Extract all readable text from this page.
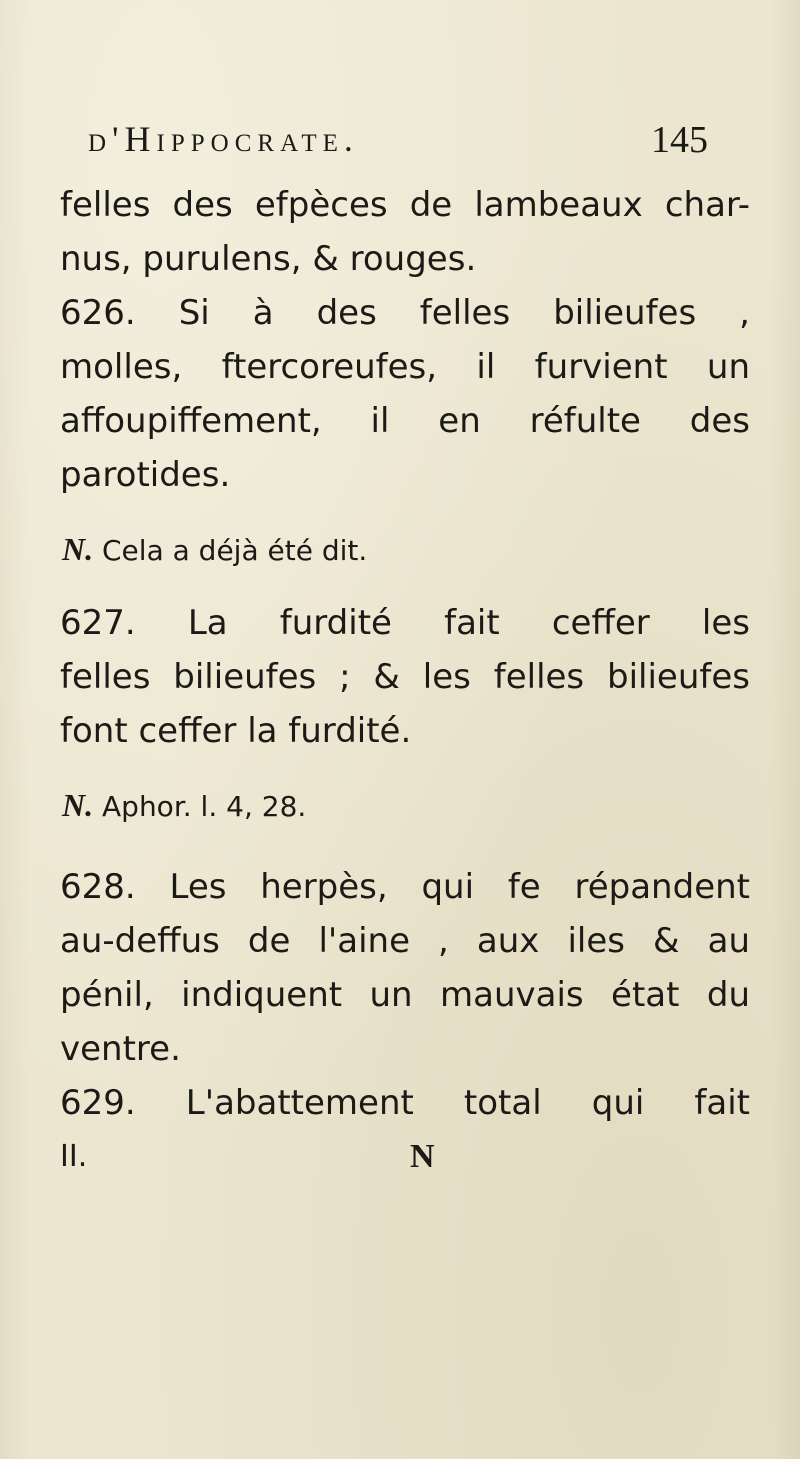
d'Hippocrate.	145
felles des efpèces de lambeaux char-
nus, purulens, & rouges.
626. Si à des felles bilieufes ,
molles, ftercoreufes, il furvient un
affoupiffement, il en réfulte des
parotides.
N. Cela a déjà été dit.
627. La furdité fait ceffer les
felles bilieufes ; & les felles bilieufes
font ceffer la furdité.
N. Aphor. l. 4, 28.
628. Les herpès, qui fe répandent
au-deffus de l'aine , aux iles & au
pénil, indiquent un mauvais état du
ventre.
629. L'abattement total qui fait
II.	N
